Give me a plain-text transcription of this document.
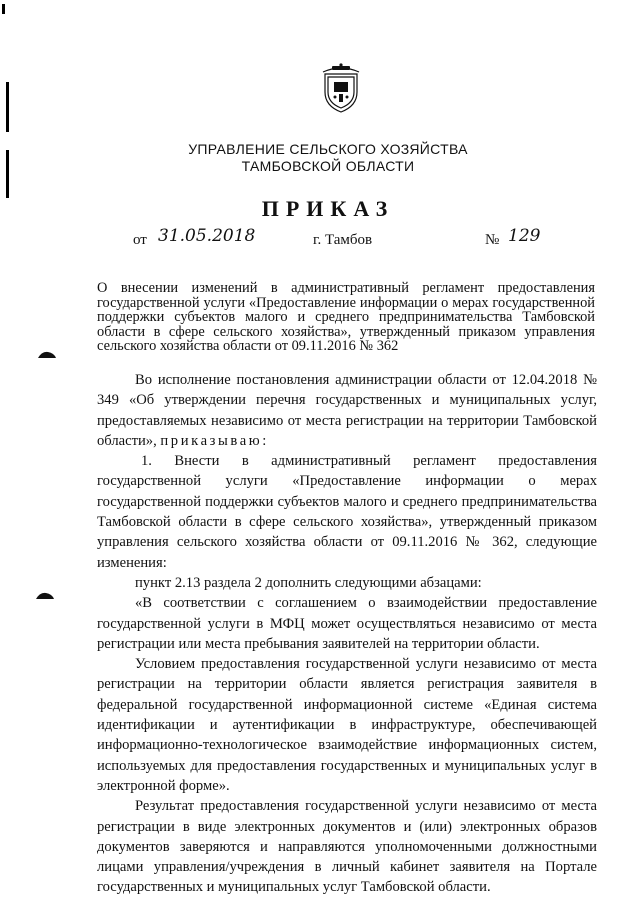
УПРАВЛЕНИЕ СЕЛЬСКОГО ХОЗЯЙСТВА
ТАМБОВСКОЙ ОБЛАСТИ
ПРИКАЗ
от 31.05.2018	г. Тамбов	№ 129
О внесении изменений в административный регламент предоставления государственной услуги «Предоставление информации о мерах государственной поддержки субъектов малого и среднего предпринимательства Тамбовской области в сфере сельского хозяйства», утвержденный приказом управления сельского хозяйства области от 09.11.2016 № 362

Во исполнение постановления администрации области от 12.04.2018 № 349 «Об утверждении перечня государственных и муниципальных услуг, предоставляемых независимо от места регистрации на территории Тамбовской области», приказываю:

1. Внести в административный регламент предоставления государственной услуги «Предоставление информации о мерах государственной поддержки субъектов малого и среднего предпринимательства Тамбовской области в сфере сельского хозяйства», утвержденный приказом управления сельского хозяйства области от 09.11.2016 № 362, следующие изменения:

пункт 2.13 раздела 2 дополнить следующими абзацами:

«В соответствии с соглашением о взаимодействии предоставление государственной услуги в МФЦ может осуществляться независимо от места регистрации или места пребывания заявителей на территории области.

Условием предоставления государственной услуги независимо от места регистрации на территории области является регистрация заявителя в федеральной государственной информационной системе «Единая система идентификации и аутентификации в инфраструктуре, обеспечивающей информационно-технологическое взаимодействие информационных систем, используемых для предоставления государственных и муниципальных услуг в электронной форме».

Результат предоставления государственной услуги независимо от места регистрации в виде электронных документов и (или) электронных образов документов заверяются и направляются уполномоченными должностными лицами управления/учреждения в личный кабинет заявителя на Портале государственных и муниципальных услуг Тамбовской области.
